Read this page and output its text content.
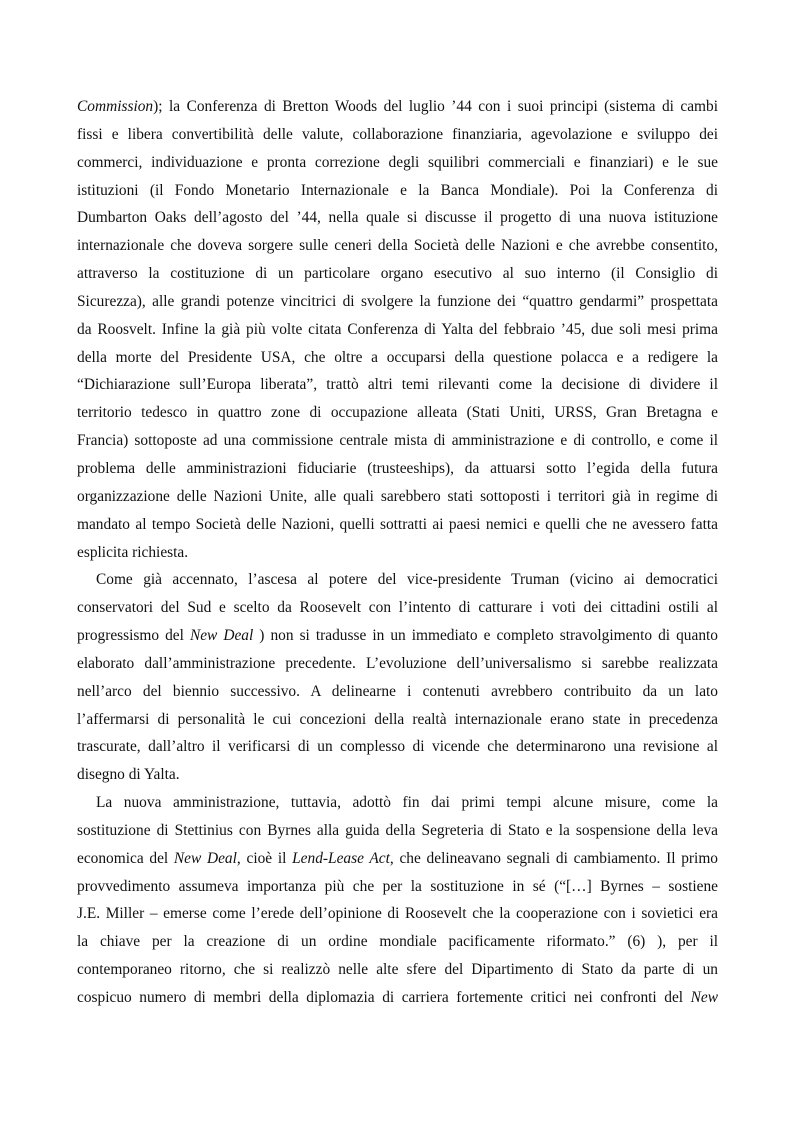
Commission); la Conferenza di Bretton Woods del luglio ’44 con i suoi principi (sistema di cambi
fissi e libera convertibilità delle valute, collaborazione finanziaria, agevolazione e sviluppo dei
commerci, individuazione e pronta correzione degli squilibri commerciali e finanziari) e le sue
istituzioni (il Fondo Monetario Internazionale e la Banca Mondiale). Poi la Conferenza di
Dumbarton Oaks dell’agosto del ’44, nella quale si discusse il progetto di una nuova istituzione
internazionale che doveva sorgere sulle ceneri della Società delle Nazioni e che avrebbe consentito,
attraverso la costituzione di un particolare organo esecutivo al suo interno (il Consiglio di
Sicurezza), alle grandi potenze vincitrici di svolgere la funzione dei “quattro gendarmi” prospettata
da Roosvelt. Infine la già più volte citata Conferenza di Yalta del febbraio ’45, due soli mesi prima
della morte del Presidente USA, che oltre a occuparsi della questione polacca e a redigere la
“Dichiarazione sull’Europa liberata”, trattò altri temi rilevanti come la decisione di dividere il
territorio tedesco in quattro zone di occupazione alleata (Stati Uniti, URSS, Gran Bretagna e
Francia) sottoposte ad una commissione centrale mista di amministrazione e di controllo, e come il
problema delle amministrazioni fiduciarie (trusteeships), da attuarsi sotto l’egida della futura
organizzazione delle Nazioni Unite, alle quali sarebbero stati sottoposti i territori già in regime di
mandato al tempo Società delle Nazioni, quelli sottratti ai paesi nemici e quelli che ne avessero fatta
esplicita richiesta.
Come già accennato, l’ascesa al potere del vice-presidente Truman (vicino ai democratici
conservatori del Sud e scelto da Roosevelt con l’intento di catturare i voti dei cittadini ostili al
progressismo del New Deal ) non si tradusse in un immediato e completo stravolgimento di quanto
elaborato dall’amministrazione precedente. L’evoluzione dell’universalismo si sarebbe realizzata
nell’arco del biennio successivo. A delinearne i contenuti avrebbero contribuito da un lato
l’affermarsi di personalità le cui concezioni della realtà internazionale erano state in precedenza
trascurate, dall’altro il verificarsi di un complesso di vicende che determinarono una revisione al
disegno di Yalta.
La nuova amministrazione, tuttavia, adottò fin dai primi tempi alcune misure, come la
sostituzione di Stettinius con Byrnes alla guida della Segreteria di Stato e la sospensione della leva
economica del New Deal, cioè il Lend-Lease Act, che delineavano segnali di cambiamento. Il primo
provvedimento assumeva importanza più che per la sostituzione in sé (“[…] Byrnes – sostiene
J.E. Miller – emerse come l’erede dell’opinione di Roosevelt che la cooperazione con i sovietici era
la chiave per la creazione di un ordine mondiale pacificamente riformato.” (6) ), per il
contemporaneo ritorno, che si realizzò nelle alte sfere del Dipartimento di Stato da parte di un
cospicuo numero di membri della diplomazia di carriera fortemente critici nei confronti del New
